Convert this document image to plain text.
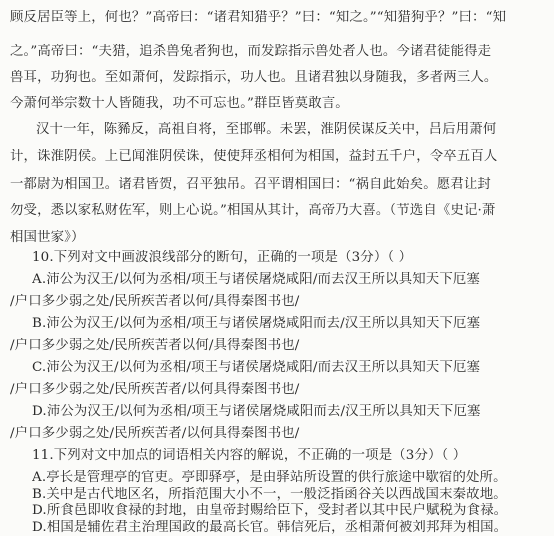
顾反居臣等上，何也？”高帝曰：“诸君知猎乎？”曰：“知之。”“知猎狗乎？”曰：“知
之。”高帝曰：“夫猎，追杀兽兔者狗也，而发踪指示兽处者人也。今诸君徒能得走
兽耳，功狗也。至如萧何，发踪指示，功人也。且诸君独以身随我，多者两三人。
今萧何举宗数十人皆随我，功不可忘也。”群臣皆莫敢言。
汉十一年，陈豨反，高祖自将，至邯郸。未罢，淮阴侯谋反关中，吕后用萧何
计，诛淮阴侯。上已闻淮阴侯诛，使使拜丞相何为相国，益封五千户，令卒五百人
一都尉为相国卫。诸君皆贺，召平独吊。召平谓相国曰：“祸自此始矣。愿君让封
勿受，悉以家私财佐军，则上心说。”相国从其计，高帝乃大喜。（节选自《史记·萧
相国世家》）
10.下列对文中画波浪线部分的断句，正确的一项是（3分）（ ）
A.沛公为汉王/以何为丞相/项王与诸侯屠烧咸阳/而去汉王所以具知天下厄塞
/户口多少弱之处/民所疾苦者以何/具得秦图书也/
B.沛公为汉王/以何为丞相/项王与诸侯屠烧咸阳而去/汉王所以具知天下厄塞
/户口多少弱之处/民所疾苦者以何/具得秦图书也/
C.沛公为汉王/以何为丞相/项王与诸侯屠烧咸阳/而去汉王所以具知天下厄塞
/户口多少弱之处/民所疾苦者/以何具得秦图书也/
D.沛公为汉王/以何为丞相/项王与诸侯屠烧咸阳而去/汉王所以具知天下厄塞
/户口多少弱之处/民所疾苦者/以何具得秦图书也/
11.下列对文中加点的词语相关内容的解说，不正确的一项是（3分）（ ）
A.亭长是管理亭的官吏。亭即驿亭，是由驿站所设置的供行旅途中歇宿的处所。
B.关中是古代地区名，所指范围大小不一，一般泛指函谷关以西战国末秦故地。
D.所食邑即收食禄的封地，由皇帝封赐给臣下，受封者以其中民户赋税为食禄。
D.相国是辅佐君主治理国政的最高长官。韩信死后，丞相萧何被刘邦拜为相国。
